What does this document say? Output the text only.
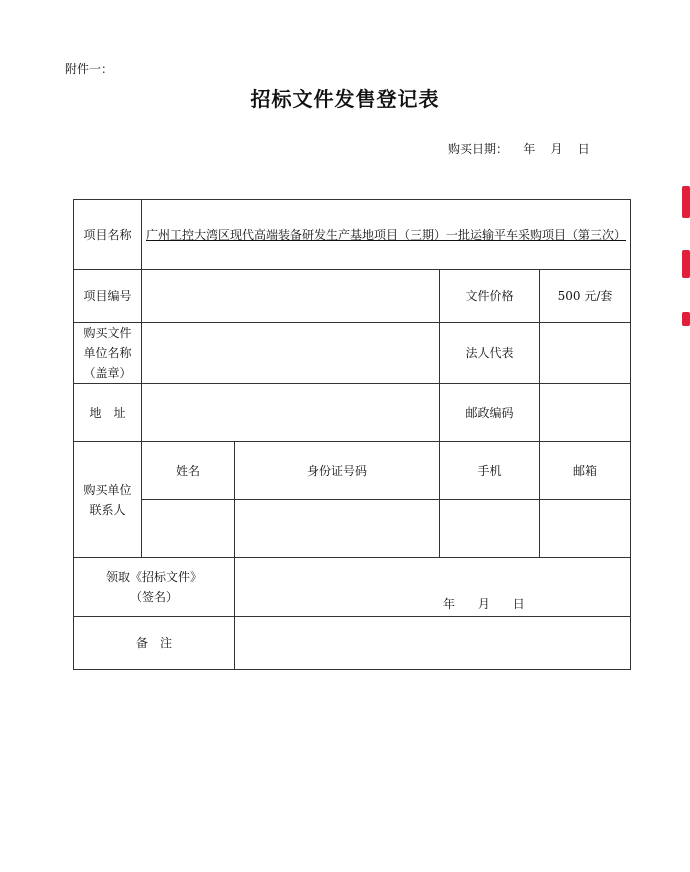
附件一：
招标文件发售登记表
购买日期：    年    月    日
项目名称	广州工控大湾区现代高端装备研发生产基地项目（三期）一批运输平车采购项目（第三次）			
项目编号			文件价格	500 元/套
购买文件
单位名称
（盖章）			法人代表	
地　址			邮政编码	
购买单位
联系人	姓名	身份证号码	手机	邮箱

领取《招标文件》
（签名）		年      月      日		

备　注				
